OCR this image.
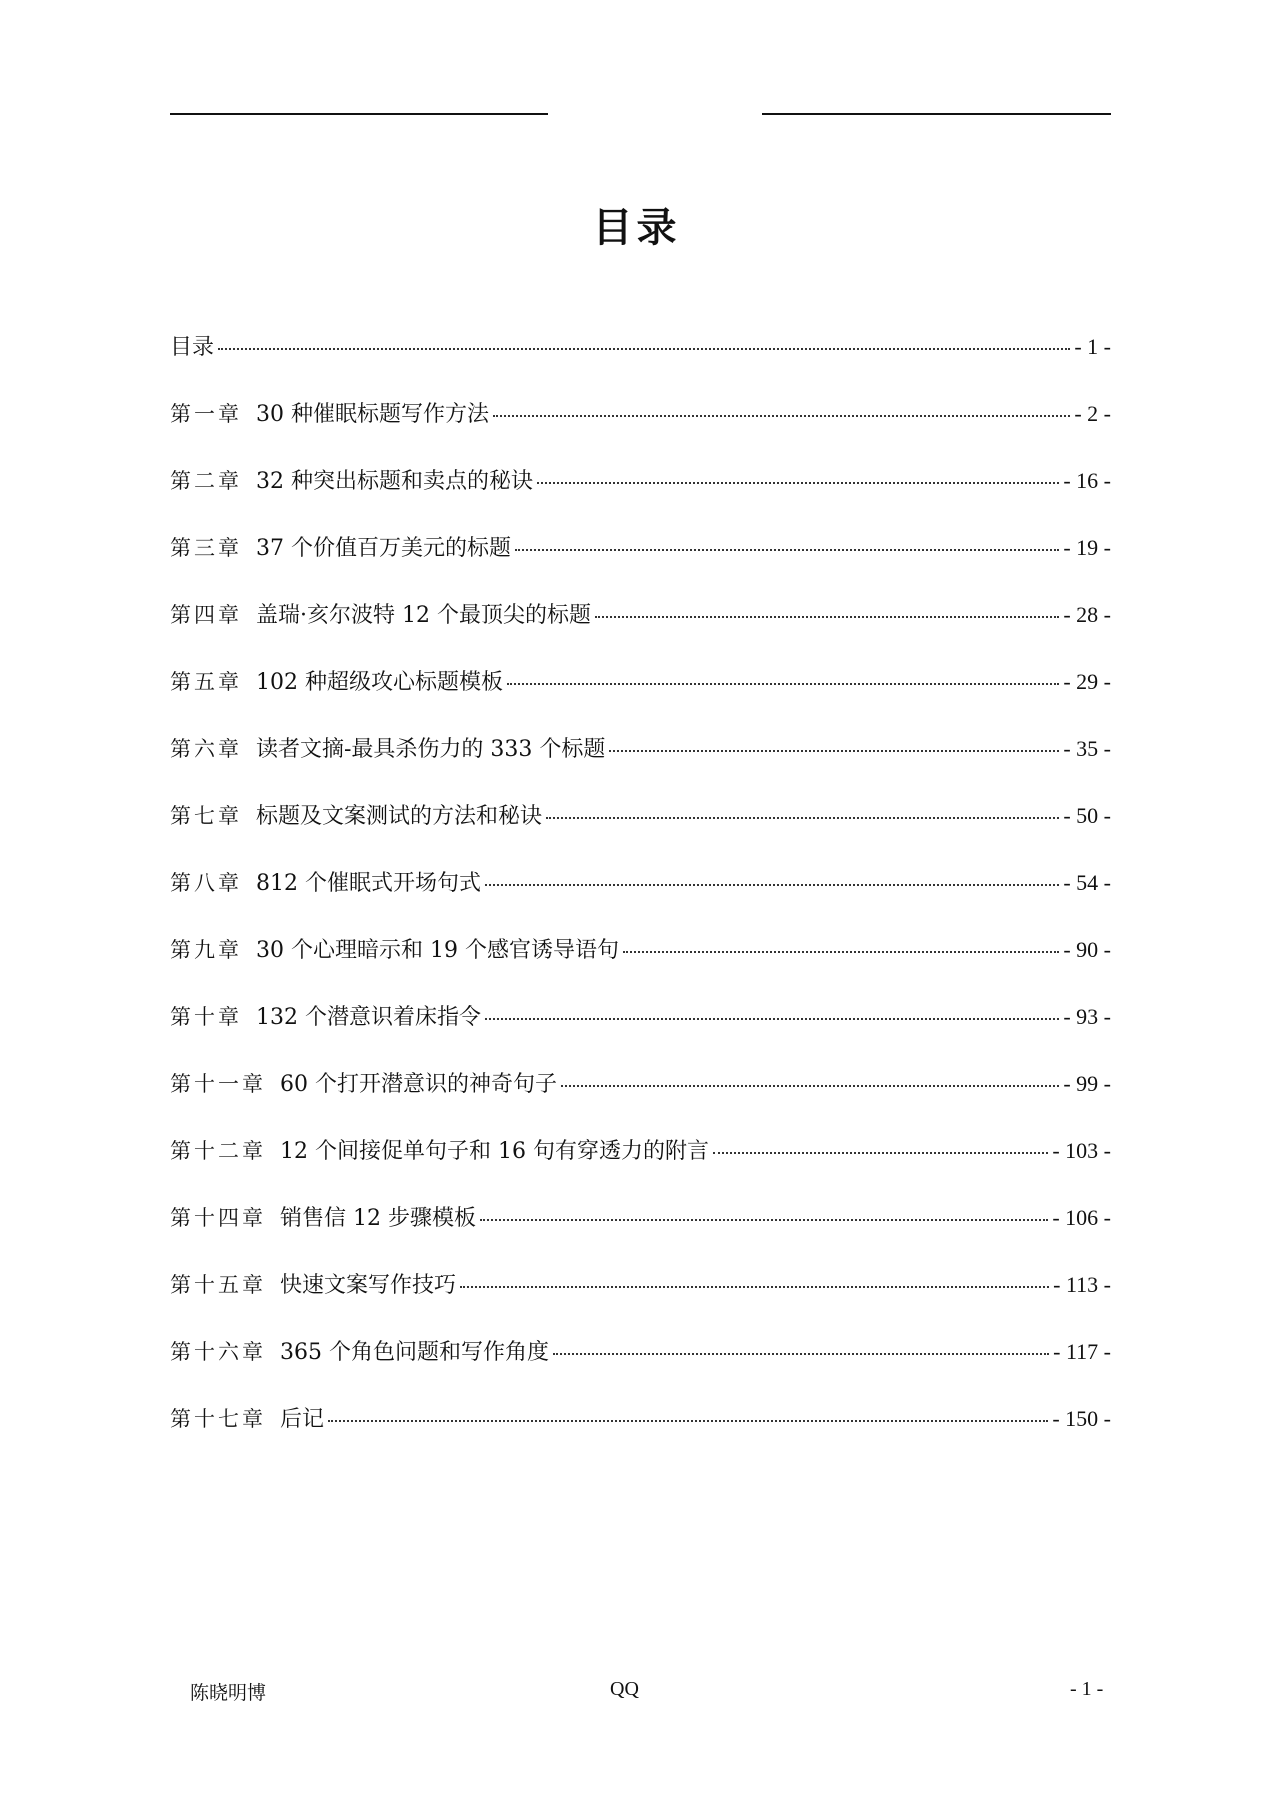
目录
目录	- 1 -
第一章 30 种催眠标题写作方法	- 2 -
第二章 32 种突出标题和卖点的秘诀	- 16 -
第三章 37 个价值百万美元的标题	- 19 -
第四章 盖瑞·亥尔波特 12 个最顶尖的标题	- 28 -
第五章 102 种超级攻心标题模板	- 29 -
第六章 读者文摘-最具杀伤力的 333 个标题	- 35 -
第七章 标题及文案测试的方法和秘诀	- 50 -
第八章 812 个催眠式开场句式	- 54 -
第九章 30 个心理暗示和 19 个感官诱导语句	- 90 -
第十章 132 个潜意识着床指令	- 93 -
第十一章 60 个打开潜意识的神奇句子	- 99 -
第十二章 12 个间接促单句子和 16 句有穿透力的附言	- 103 -
第十四章 销售信 12 步骤模板	- 106 -
第十五章 快速文案写作技巧	- 113 -
第十六章 365 个角色问题和写作角度	- 117 -
第十七章 后记	- 150 -
陈晓明博	QQ	- 1 -
